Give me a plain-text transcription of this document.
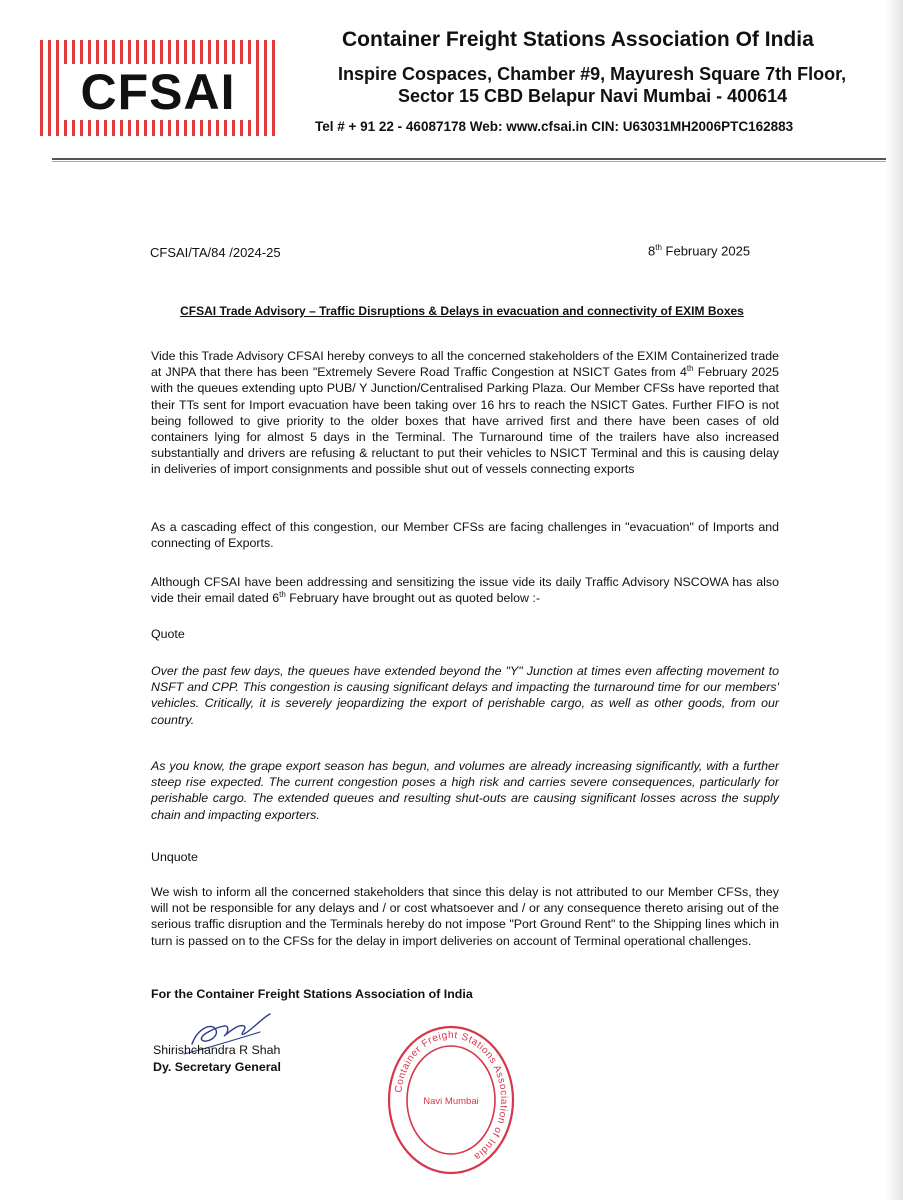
CFSAI
Container Freight Stations Association Of India
Inspire Cospaces, Chamber #9, Mayuresh Square 7th Floor,
Sector 15 CBD Belapur Navi Mumbai - 400614
Tel # + 91 22 - 46087178 Web: www.cfsai.in CIN: U63031MH2006PTC162883
CFSAI/TA/84 /2024-25	8th February 2025
CFSAI Trade Advisory – Traffic Disruptions & Delays in evacuation and connectivity of EXIM Boxes
Vide this Trade Advisory CFSAI hereby conveys to all the concerned stakeholders of the EXIM Containerized trade at JNPA that there has been "Extremely Severe Road Traffic Congestion at NSICT Gates from 4th February 2025 with the queues extending upto PUB/ Y Junction/Centralised Parking Plaza. Our Member CFSs have reported that their TTs sent for Import evacuation have been taking over 16 hrs to reach the NSICT Gates. Further FIFO is not being followed to give priority to the older boxes that have arrived first and there have been cases of old containers lying for almost 5 days in the Terminal. The Turnaround time of the trailers have also increased substantially and drivers are refusing & reluctant to put their vehicles to NSICT Terminal and this is causing delay in deliveries of import consignments and possible shut out of vessels connecting exports
As a cascading effect of this congestion, our Member CFSs are facing challenges in "evacuation" of Imports and connecting of Exports.
Although CFSAI have been addressing and sensitizing the issue vide its daily Traffic Advisory NSCOWA has also vide their email dated 6th February have brought out as quoted below :-
Quote
Over the past few days, the queues have extended beyond the "Y" Junction at times even affecting movement to NSFT and CPP. This congestion is causing significant delays and impacting the turnaround time for our members' vehicles. Critically, it is severely jeopardizing the export of perishable cargo, as well as other goods, from our country.
As you know, the grape export season has begun, and volumes are already increasing significantly, with a further steep rise expected. The current congestion poses a high risk and carries severe consequences, particularly for perishable cargo. The extended queues and resulting shut-outs are causing significant losses across the supply chain and impacting exporters.
Unquote
We wish to inform all the concerned stakeholders that since this delay is not attributed to our Member CFSs, they will not be responsible for any delays and / or cost whatsoever and / or any consequence thereto arising out of the serious traffic disruption and the Terminals hereby do not impose "Port Ground Rent" to the Shipping lines which in turn is passed on to the CFSs for the delay in import deliveries on account of Terminal operational challenges.
For the Container Freight Stations Association of India
Shirishchandra R Shah
Dy. Secretary General
Container Freight Stations Association of India
Navi Mumbai
